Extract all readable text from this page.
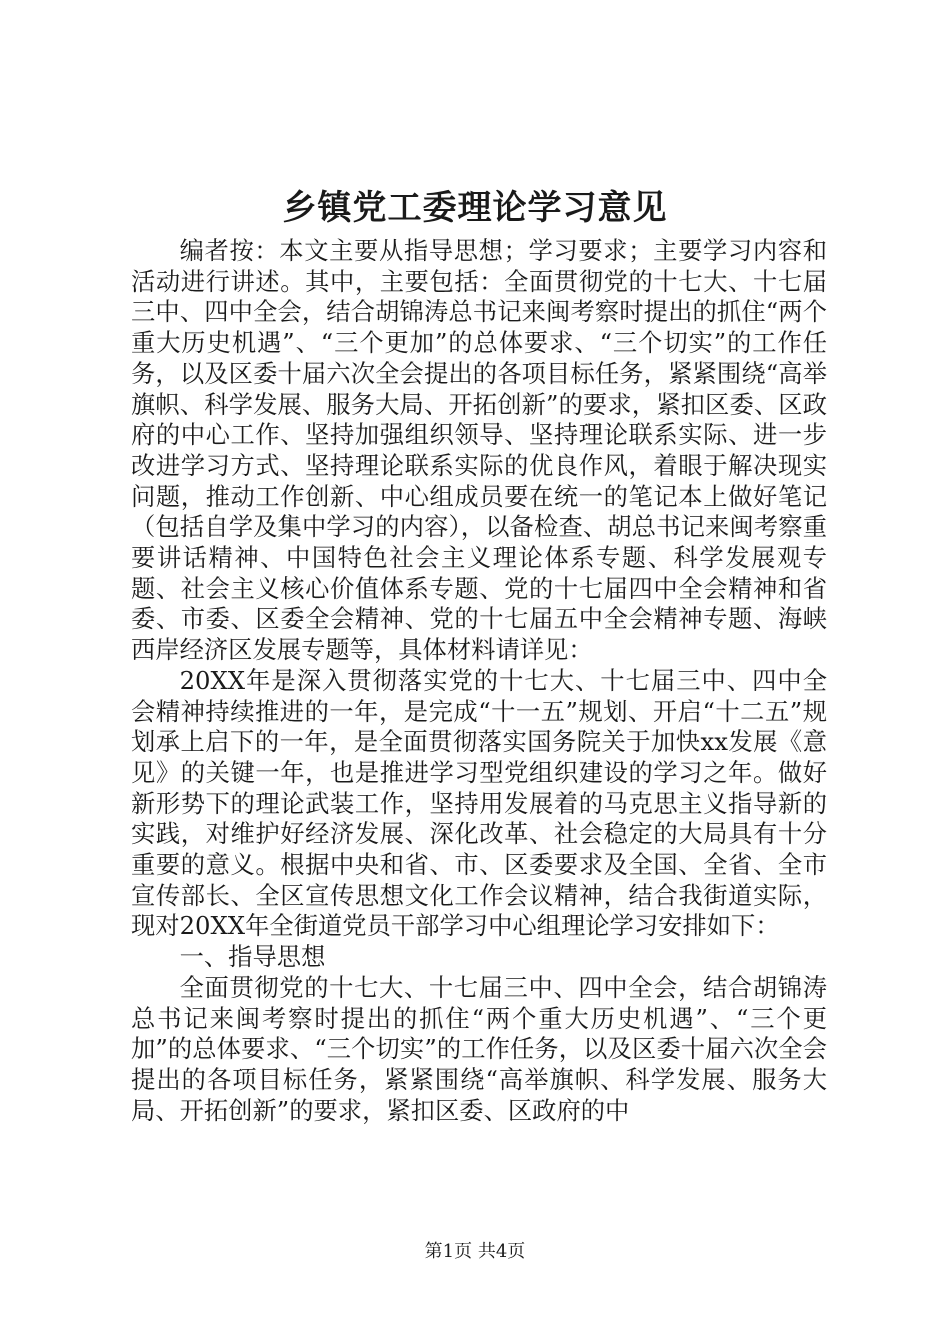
乡镇党工委理论学习意见

编者按：本文主要从指导思想；学习要求；主要学习内容和活动进行讲述。其中，主要包括：全面贯彻党的十七大、十七届三中、四中全会，结合胡锦涛总书记来闽考察时提出的抓住“两个重大历史机遇”、“三个更加”的总体要求、“三个切实”的工作任务，以及区委十届六次全会提出的各项目标任务，紧紧围绕“高举旗帜、科学发展、服务大局、开拓创新”的要求，紧扣区委、区政府的中心工作、坚持加强组织领导、坚持理论联系实际、进一步改进学习方式、坚持理论联系实际的优良作风，着眼于解决现实问题，推动工作创新、中心组成员要在统一的笔记本上做好笔记（包括自学及集中学习的内容），以备检查、胡总书记来闽考察重要讲话精神、中国特色社会主义理论体系专题、科学发展观专题、社会主义核心价值体系专题、党的十七届四中全会精神和省委、市委、区委全会精神、党的十七届五中全会精神专题、海峡西岸经济区发展专题等，具体材料请详见：

20XX年是深入贯彻落实党的十七大、十七届三中、四中全会精神持续推进的一年，是完成“十一五”规划、开启“十二五”规划承上启下的一年，是全面贯彻落实国务院关于加快xx发展《意见》的关键一年，也是推进学习型党组织建设的学习之年。做好新形势下的理论武装工作，坚持用发展着的马克思主义指导新的实践，对维护好经济发展、深化改革、社会稳定的大局具有十分重要的意义。根据中央和省、市、区委要求及全国、全省、全市宣传部长、全区宣传思想文化工作会议精神，结合我街道实际，现对20XX年全街道党员干部学习中心组理论学习安排如下：

一、指导思想

全面贯彻党的十七大、十七届三中、四中全会，结合胡锦涛总书记来闽考察时提出的抓住“两个重大历史机遇”、“三个更加”的总体要求、“三个切实”的工作任务，以及区委十届六次全会提出的各项目标任务，紧紧围绕“高举旗帜、科学发展、服务大局、开拓创新”的要求，紧扣区委、区政府的中

第1页 共4页
